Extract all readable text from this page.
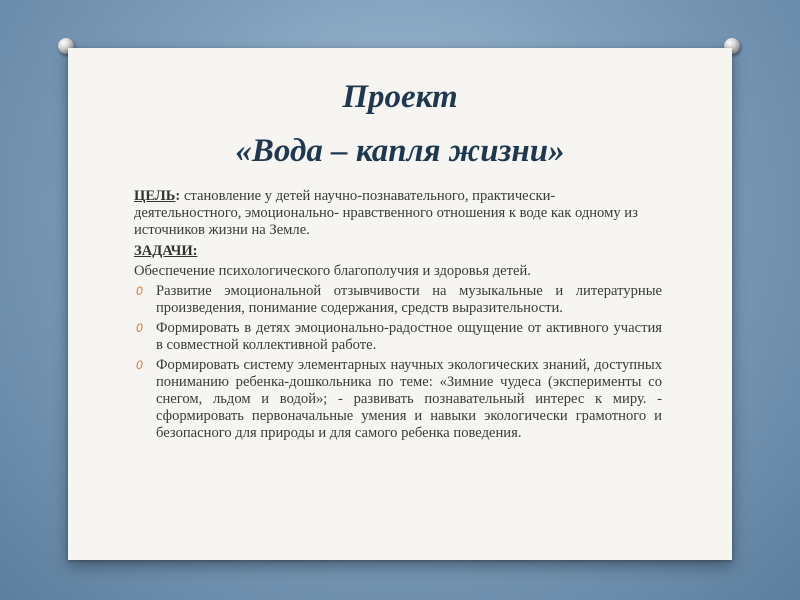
Проект
«Вода – капля жизни»

ЦЕЛЬ: становление у детей научно-познавательного, практически-деятельностного, эмоционально- нравственного отношения к воде как одному из источников жизни на Земле.

ЗАДАЧИ:

Обеспечение психологического благополучия и здоровья детей.

0 Развитие эмоциональной отзывчивости на музыкальные и литературные произведения, понимание содержания, средств выразительности.
0 Формировать в детях эмоционально-радостное ощущение от активного участия в совместной коллективной работе.
0 Формировать систему элементарных научных экологических знаний, доступных пониманию ребенка-дошкольника по теме: «Зимние чудеса (эксперименты со снегом, льдом и водой»; - развивать познавательный интерес к миру. - сформировать первоначальные умения и навыки экологически грамотного и безопасного для природы и для самого ребенка поведения.
